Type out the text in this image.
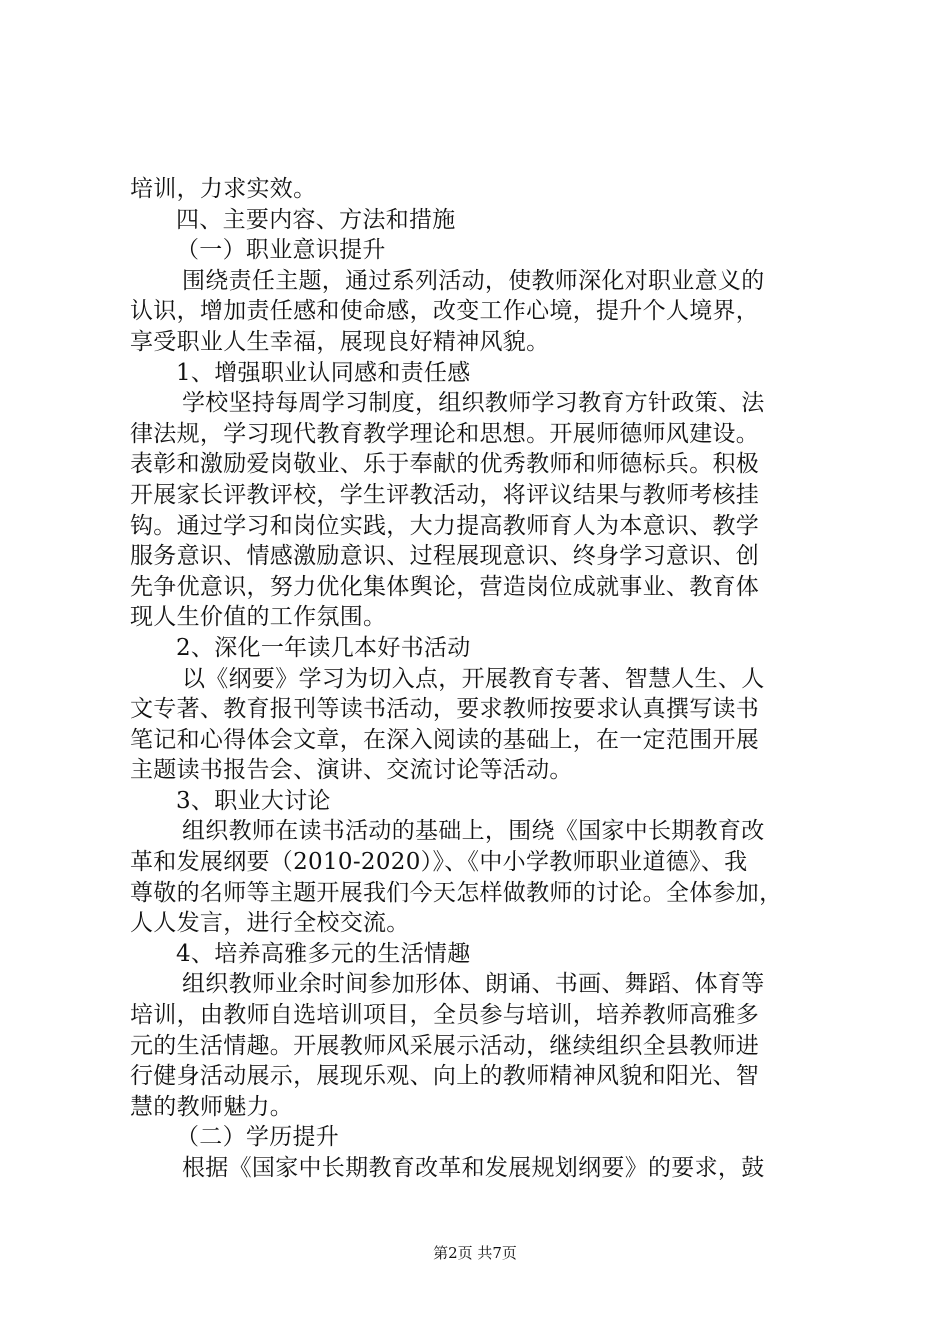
培训，力求实效。
四、主要内容、方法和措施
（一）职业意识提升
围绕责任主题，通过系列活动，使教师深化对职业意义的
认识，增加责任感和使命感，改变工作心境，提升个人境界，
享受职业人生幸福，展现良好精神风貌。
1、增强职业认同感和责任感
学校坚持每周学习制度，组织教师学习教育方针政策、法
律法规，学习现代教育教学理论和思想。开展师德师风建设。
表彰和激励爱岗敬业、乐于奉献的优秀教师和师德标兵。积极
开展家长评教评校，学生评教活动，将评议结果与教师考核挂
钩。通过学习和岗位实践，大力提高教师育人为本意识、教学
服务意识、情感激励意识、过程展现意识、终身学习意识、创
先争优意识，努力优化集体舆论，营造岗位成就事业、教育体
现人生价值的工作氛围。
2、深化一年读几本好书活动
以《纲要》学习为切入点，开展教育专著、智慧人生、人
文专著、教育报刊等读书活动，要求教师按要求认真撰写读书
笔记和心得体会文章，在深入阅读的基础上，在一定范围开展
主题读书报告会、演讲、交流讨论等活动。
3、职业大讨论
组织教师在读书活动的基础上，围绕《国家中长期教育改
革和发展纲要（2010-2020）》、《中小学教师职业道德》、我
尊敬的名师等主题开展我们今天怎样做教师的讨论。全体参加，
人人发言，进行全校交流。
4、培养高雅多元的生活情趣
组织教师业余时间参加形体、朗诵、书画、舞蹈、体育等
培训，由教师自选培训项目，全员参与培训，培养教师高雅多
元的生活情趣。开展教师风采展示活动，继续组织全县教师进
行健身活动展示，展现乐观、向上的教师精神风貌和阳光、智
慧的教师魅力。
（二）学历提升
根据《国家中长期教育改革和发展规划纲要》的要求，鼓
第2页 共7页
